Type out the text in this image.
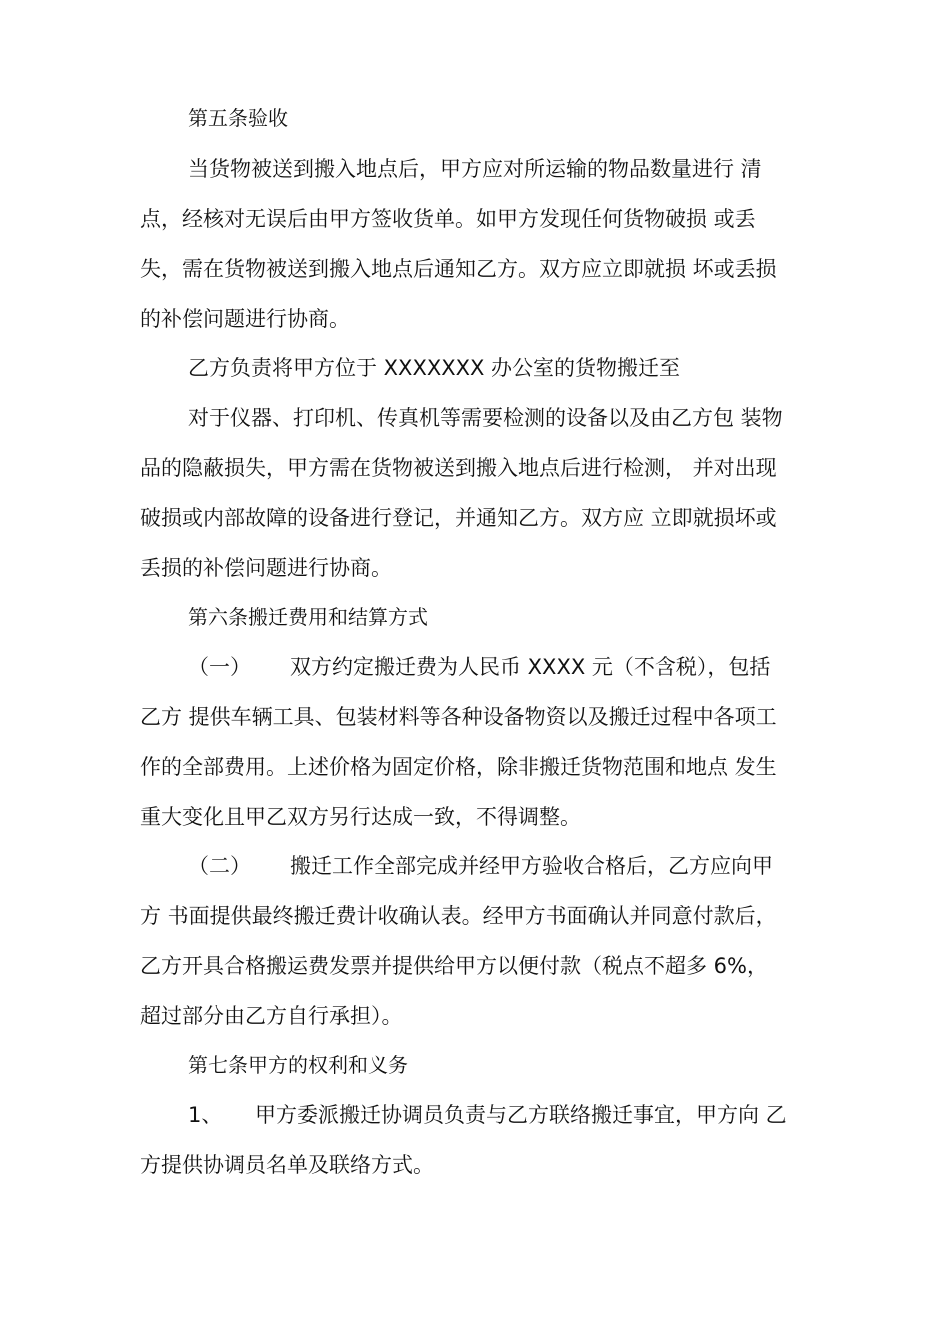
第五条验收
当货物被送到搬入地点后，甲方应对所运输的物品数量进行 清
点，经核对无误后由甲方签收货单。如甲方发现任何货物破损 或丢
失，需在货物被送到搬入地点后通知乙方。双方应立即就损 坏或丢损
的补偿问题进行协商。
乙方负责将甲方位于 XXXXXXX 办公室的货物搬迁至
对于仪器、打印机、传真机等需要检测的设备以及由乙方包 装物
品的隐蔽损失，甲方需在货物被送到搬入地点后进行检测， 并对出现
破损或内部故障的设备进行登记，并通知乙方。双方应 立即就损坏或
丢损的补偿问题进行协商。
第六条搬迁费用和结算方式
（一） 双方约定搬迁费为人民币 XXXX 元（不含税），包括
乙方 提供车辆工具、包装材料等各种设备物资以及搬迁过程中各项工
作的全部费用。上述价格为固定价格，除非搬迁货物范围和地点 发生
重大变化且甲乙双方另行达成一致，不得调整。
（二） 搬迁工作全部完成并经甲方验收合格后，乙方应向甲
方 书面提供最终搬迁费计收确认表。经甲方书面确认并同意付款后，
乙方开具合格搬运费发票并提供给甲方以便付款（税点不超多 6%，
超过部分由乙方自行承担）。
第七条甲方的权利和义务
1、 甲方委派搬迁协调员负责与乙方联络搬迁事宜，甲方向 乙
方提供协调员名单及联络方式。
